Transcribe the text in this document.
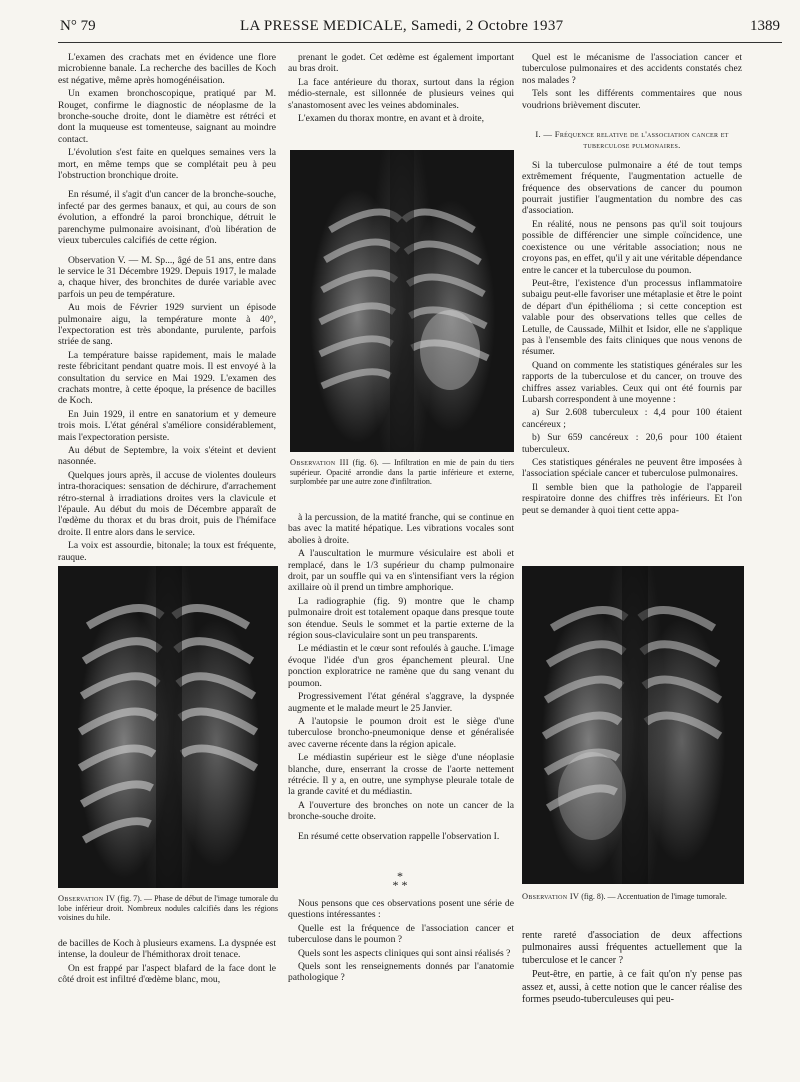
N° 79	LA PRESSE MEDICALE, Samedi, 2 Octobre 1937	1389

L'examen des crachats met en évidence une flore microbienne banale. La recherche des bacilles de Koch est négative, même après homogénéisation.

Un examen bronchoscopique, pratiqué par M. Rouget, confirme le diagnostic de néoplasme de la bronche-souche droite, dont le diamètre est rétréci et dont la muqueuse est tomenteuse, saignant au moindre contact.

L'évolution s'est faite en quelques semaines vers la mort, en même temps que se complétait peu à peu l'obstruction bronchique droite.

En résumé, il s'agit d'un cancer de la bronche-souche, infecté par des germes banaux, et qui, au cours de son évolution, a effondré la paroi bronchique, détruit le parenchyme pulmonaire avoisinant, d'où libération de vieux tubercules calcifiés de cette région.

Observation V. — M. Sp..., âgé de 51 ans, entre dans le service le 31 Décembre 1929. Depuis 1917, le malade a, chaque hiver, des bronchites de durée variable avec parfois un peu de température.

Au mois de Février 1929 survient un épisode pulmonaire aigu, la température monte à 40°, l'expectoration est très abondante, purulente, parfois striée de sang.

La température baisse rapidement, mais le malade reste fébricitant pendant quatre mois. Il est envoyé à la consultation du service en Mai 1929. L'examen des crachats montre, à cette époque, la présence de bacilles de Koch.

En Juin 1929, il entre en sanatorium et y demeure trois mois. L'état général s'améliore considérablement, mais l'expectoration persiste.

Au début de Septembre, la voix s'éteint et devient nasonnée.

Quelques jours après, il accuse de violentes douleurs intra-thoraciques: sensation de déchirure, d'arrachement rétro-sternal à irradiations droites vers la clavicule et l'épaule. Au début du mois de Décembre apparaît de l'œdème du thorax et du bras droit, puis de l'hémiface droite. Il entre alors dans le service.

La voix est assourdie, bitonale; la toux est fréquente, rauque.

prenant le godet. Cet œdème est également important au bras droit.

La face antérieure du thorax, surtout dans la région médio-sternale, est sillonnée de plusieurs veines qui s'anastomosent avec les veines abdominales.

L'examen du thorax montre, en avant et à droite,

Observation III (fig. 6). — Infiltration en mie de pain du tiers supérieur. Opacité arrondie dans la partie inférieure et externe, surplombée par une autre zone d'infiltration.

Quel est le mécanisme de l'association cancer et tuberculose pulmonaires et des accidents constatés chez nos malades ?

Tels sont les différents commentaires que nous voudrions brièvement discuter.

I. — Fréquence relative de l'association cancer et tuberculose pulmonaires.

Si la tuberculose pulmonaire a été de tout temps extrêmement fréquente, l'augmentation actuelle de fréquence des observations de cancer du poumon pourrait justifier l'augmentation du nombre des cas d'association.

En réalité, nous ne pensons pas qu'il soit toujours possible de différencier une simple coïncidence, une coexistence ou une véritable association; nous ne croyons pas, en effet, qu'il y ait une véritable dépendance entre le cancer et la tuberculose du poumon.

Peut-être, l'existence d'un processus inflammatoire subaigu peut-elle favoriser une métaplasie et être le point de départ d'un épithélioma ; si cette conception est valable pour des observations telles que celles de Letulle, de Caussade, Milhit et Isidor, elle ne s'applique pas à l'ensemble des faits cliniques que nous venons de résumer.

Quand on commente les statistiques générales sur les rapports de la tuberculose et du cancer, on trouve des chiffres assez variables. Ceux qui ont été fournis par Lubarsh correspondent à une moyenne :

a) Sur 2.608 tuberculeux : 4,4 pour 100 étaient cancéreux ;

b) Sur 659 cancéreux : 20,6 pour 100 étaient tuberculeux.

Ces statistiques générales ne peuvent être imposées à l'association spéciale cancer et tuberculose pulmonaires.

Il semble bien que la pathologie de l'appareil respiratoire donne des chiffres très inférieurs. Et l'on peut se demander à quoi tient cette appa-

à la percussion, de la matité franche, qui se continue en bas avec la matité hépatique. Les vibrations vocales sont abolies à droite.

A l'auscultation le murmure vésiculaire est aboli et remplacé, dans le 1/3 supérieur du champ pulmonaire droit, par un souffle qui va en s'intensifiant vers la région axillaire où il prend un timbre amphorique.

La radiographie (fig. 9) montre que le champ pulmonaire droit est totalement opaque dans presque toute son étendue. Seuls le sommet et la partie externe de la région sous-claviculaire sont un peu transparents.

Le médiastin et le cœur sont refoulés à gauche. L'image évoque l'idée d'un gros épanchement pleural. Une ponction exploratrice ne ramène que du sang venant du poumon.

Progressivement l'état général s'aggrave, la dyspnée augmente et le malade meurt le 25 Janvier.

A l'autopsie le poumon droit est le siège d'une tuberculose broncho-pneumonique dense et généralisée avec caverne récente dans la région apicale.

Le médiastin supérieur est le siège d'une néoplasie blanche, dure, enserrant la crosse de l'aorte nettement rétrécie. Il y a, en outre, une symphyse pleurale totale de la grande cavité et du médiastin.

A l'ouverture des bronches on note un cancer de la bronche-souche droite.

En résumé cette observation rappelle l'observation I.

*
* *

Nous pensons que ces observations posent une série de questions intéressantes :

Quelle est la fréquence de l'association cancer et tuberculose dans le poumon ?

Quels sont les aspects cliniques qui sont ainsi réalisés ?

Quels sont les renseignements donnés par l'anatomie pathologique ?

Observation IV (fig. 7). — Phase de début de l'image tumorale du lobe inférieur droit. Nombreux nodules calcifiés dans les régions voisines du hile.

de bacilles de Koch à plusieurs examens. La dyspnée est intense, la douleur de l'hémithorax droit tenace.

On est frappé par l'aspect blafard de la face dont le côté droit est infiltré d'œdème blanc, mou,

Observation IV (fig. 8). — Accentuation de l'image tumorale.

rente rareté d'association de deux affections pulmonaires aussi fréquentes actuellement que la tuberculose et le cancer ?

Peut-être, en partie, à ce fait qu'on n'y pense pas assez et, aussi, à cette notion que le cancer réalise des formes pseudo-tuberculeuses qui peu-
